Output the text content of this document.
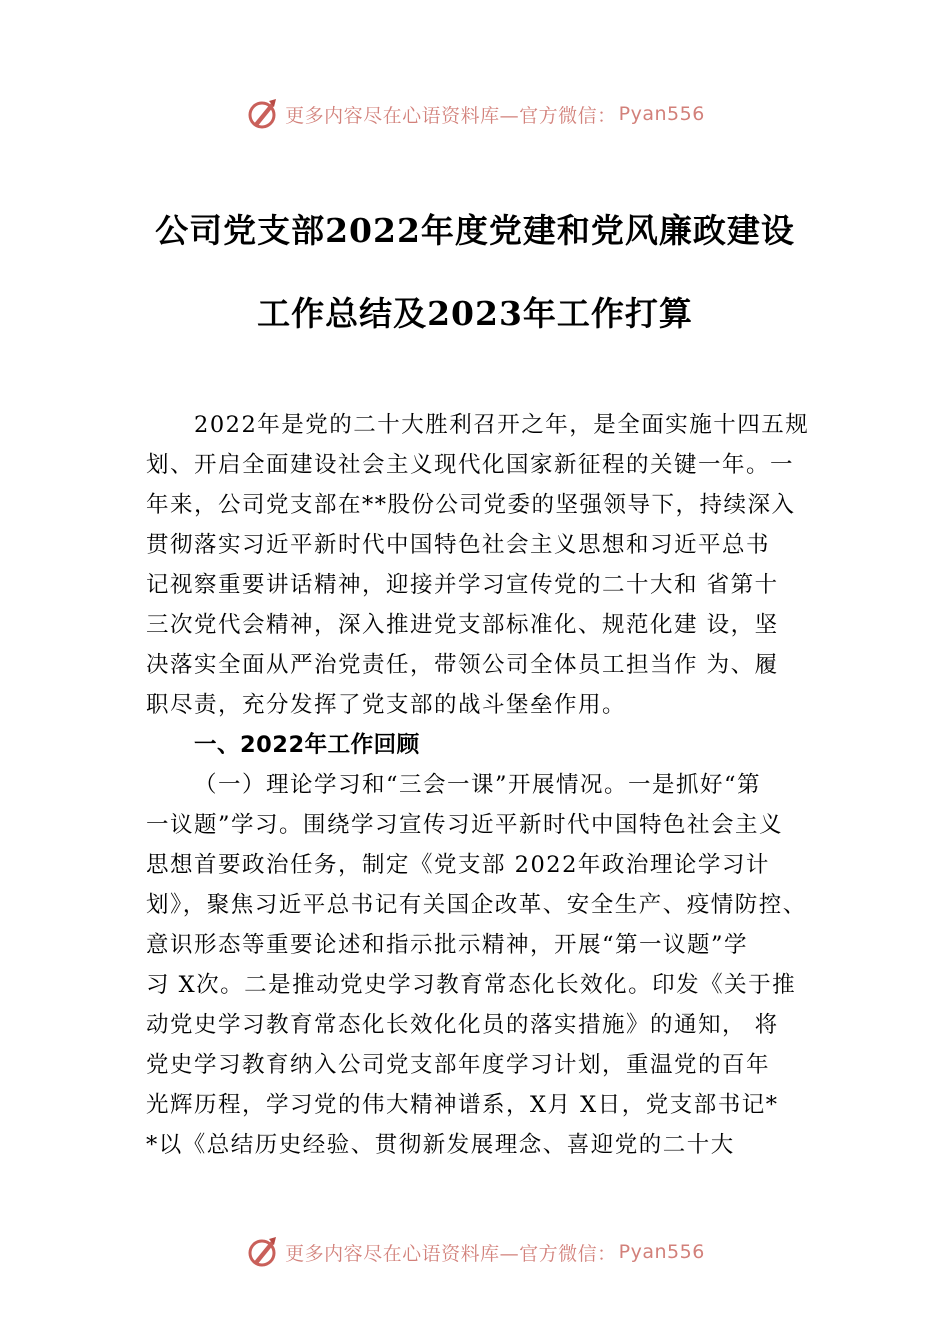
更多内容尽在心语资料库—官方微信： Pyan556
公司党支部2022年度党建和党风廉政建设
工作总结及2023年工作打算
2022年是党的二十大胜利召开之年，是全面实施十四五规
划、开启全面建设社会主义现代化国家新征程的关键一年。一
年来，公司党支部在**股份公司党委的坚强领导下，持续深入
贯彻落实习近平新时代中国特色社会主义思想和习近平总书
记视察重要讲话精神，迎接并学习宣传党的二十大和 省第十
三次党代会精神，深入推进党支部标准化、规范化建 设，坚
决落实全面从严治党责任，带领公司全体员工担当作 为、履
职尽责，充分发挥了党支部的战斗堡垒作用。
一、2022年工作回顾
（一）理论学习和“三会一课”开展情况。一是抓好“第
一议题”学习。围绕学习宣传习近平新时代中国特色社会主义
思想首要政治任务，制定《党支部 2022年政治理论学习计
划》，聚焦习近平总书记有关国企改革、安全生产、疫情防控、
意识形态等重要论述和指示批示精神，开展“第一议题”学
习 X次。二是推动党史学习教育常态化长效化。印发《关于推
动党史学习教育常态化长效化化员的落实措施》的通知， 将
党史学习教育纳入公司党支部年度学习计划，重温党的百年
光辉历程，学习党的伟大精神谱系，X月 X日，党支部书记*
*以《总结历史经验、贯彻新发展理念、喜迎党的二十大
更多内容尽在心语资料库—官方微信： Pyan556
